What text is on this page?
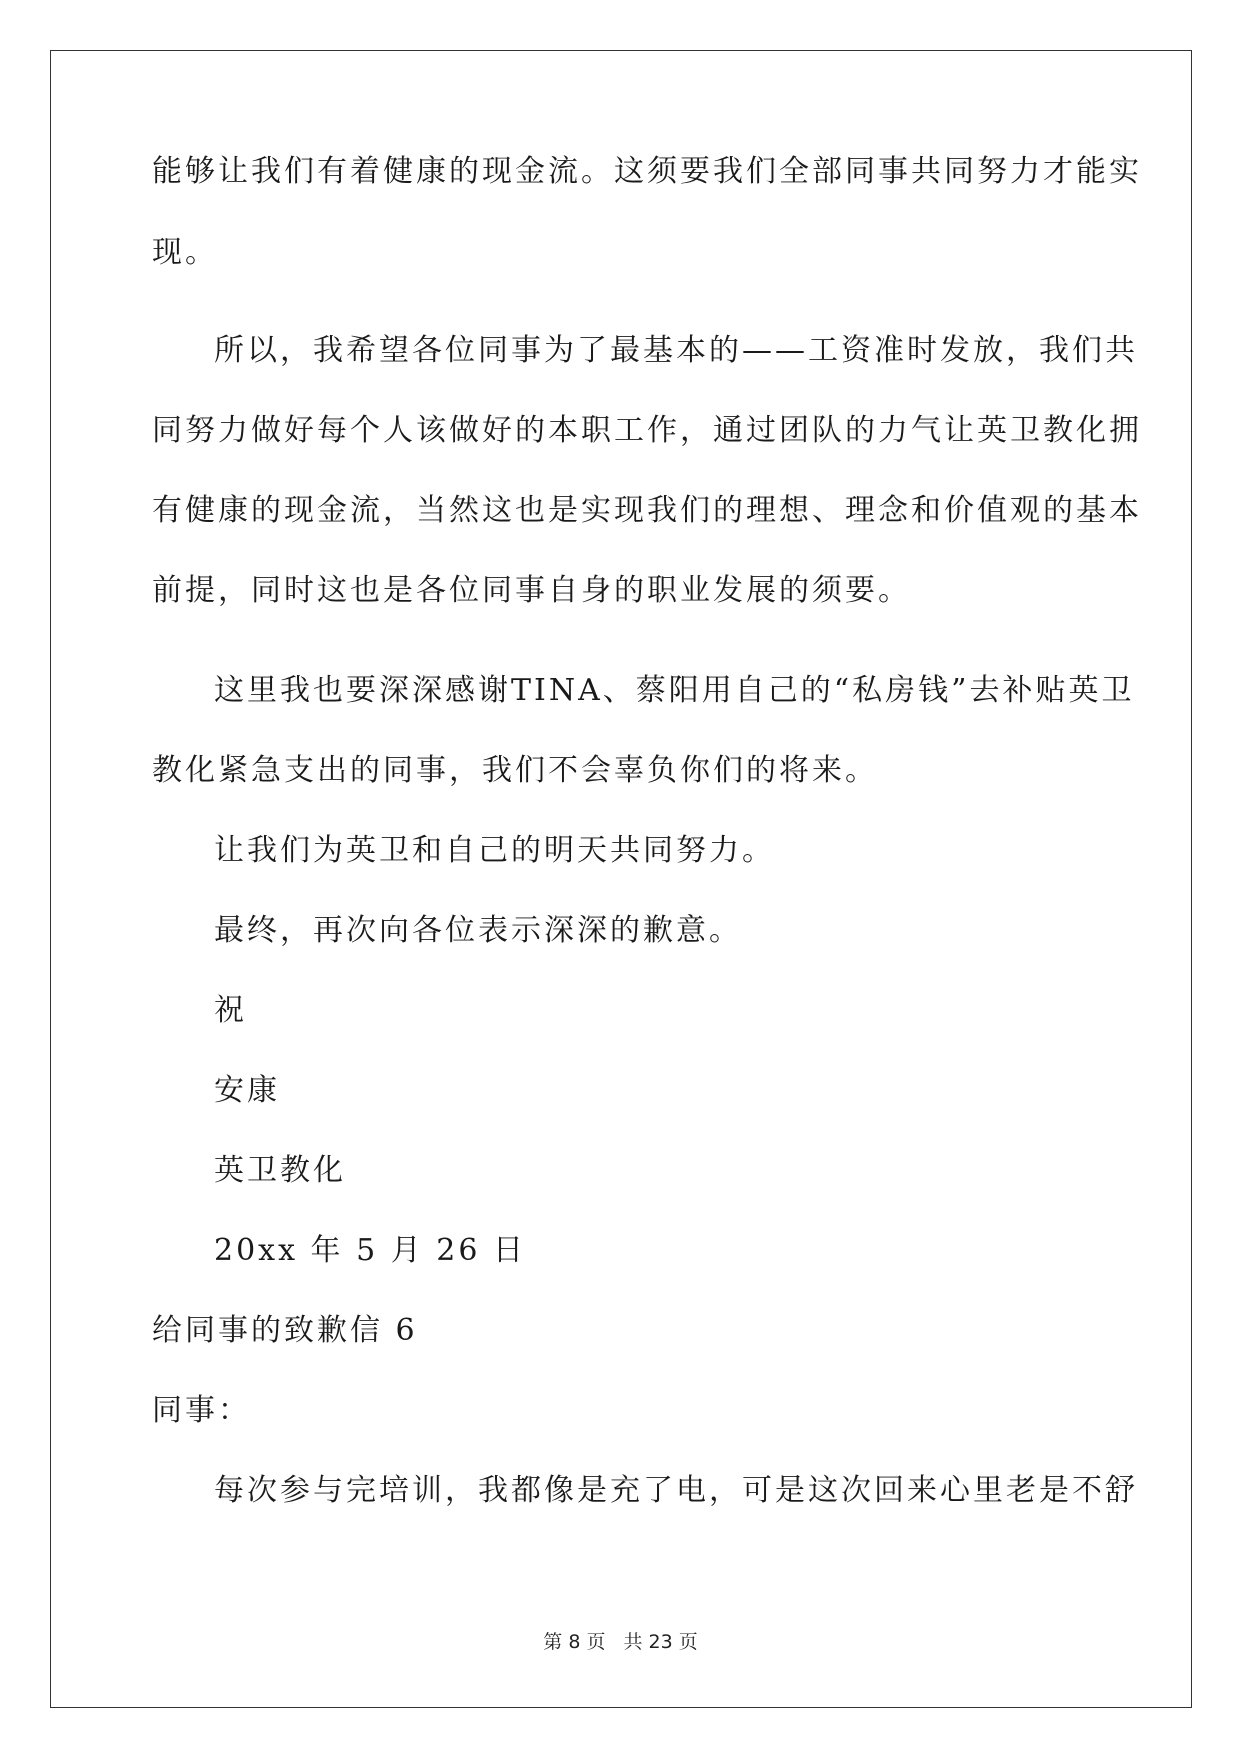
能够让我们有着健康的现金流。这须要我们全部同事共同努力才能实
现。
所以，我希望各位同事为了最基本的——工资准时发放，我们共
同努力做好每个人该做好的本职工作，通过团队的力气让英卫教化拥
有健康的现金流，当然这也是实现我们的理想、理念和价值观的基本
前提，同时这也是各位同事自身的职业发展的须要。
这里我也要深深感谢TINA、蔡阳用自己的“私房钱”去补贴英卫
教化紧急支出的同事，我们不会辜负你们的将来。
让我们为英卫和自己的明天共同努力。
最终，再次向各位表示深深的歉意。
祝
安康
英卫教化
20xx 年 5 月 26 日
给同事的致歉信 6
同事：
每次参与完培训，我都像是充了电，可是这次回来心里老是不舒
第 8 页 共 23 页
